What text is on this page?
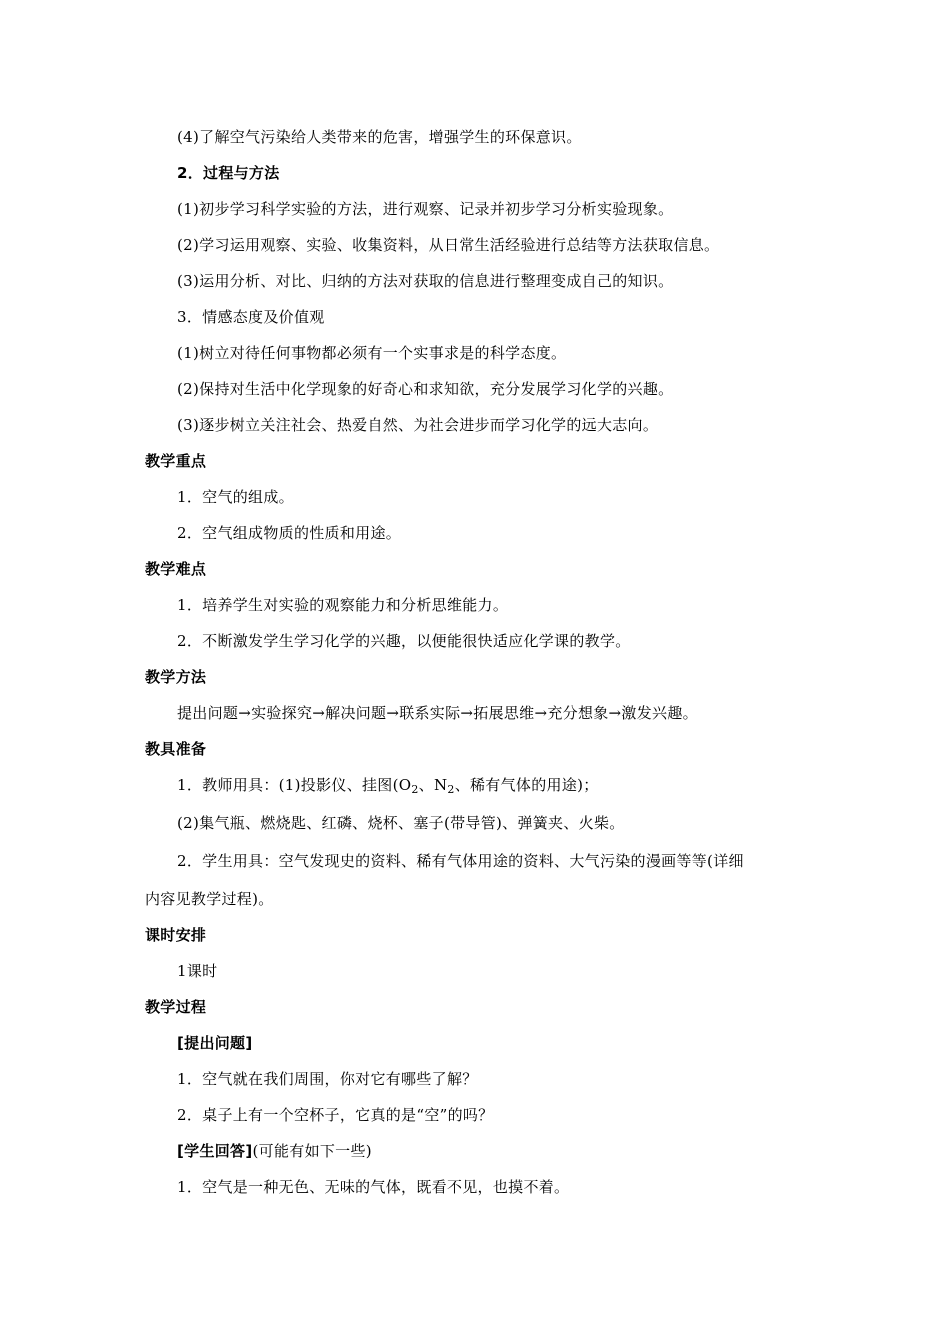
(4)了解空气污染给人类带来的危害，增强学生的环保意识。
2．过程与方法
(1)初步学习科学实验的方法，进行观察、记录并初步学习分析实验现象。
(2)学习运用观察、实验、收集资料，从日常生活经验进行总结等方法获取信息。
(3)运用分析、对比、归纳的方法对获取的信息进行整理变成自己的知识。
3．情感态度及价值观
(1)树立对待任何事物都必须有一个实事求是的科学态度。
(2)保持对生活中化学现象的好奇心和求知欲，充分发展学习化学的兴趣。
(3)逐步树立关注社会、热爱自然、为社会进步而学习化学的远大志向。
教学重点
1．空气的组成。
2．空气组成物质的性质和用途。
教学难点
1．培养学生对实验的观察能力和分析思维能力。
2．不断激发学生学习化学的兴趣，以便能很快适应化学课的教学。
教学方法
提出问题→实验探究→解决问题→联系实际→拓展思维→充分想象→激发兴趣。
教具准备
1．教师用具：(1)投影仪、挂图($O_2$、$N_2$、稀有气体的用途)；
(2)集气瓶、燃烧匙、红磷、烧杯、塞子(带导管)、弹簧夹、火柴。
2．学生用具：空气发现史的资料、稀有气体用途的资料、大气污染的漫画等等(详细
内容见教学过程)。
课时安排
1课时
教学过程
[提出问题]
1．空气就在我们周围，你对它有哪些了解？
2．桌子上有一个空杯子，它真的是“空”的吗？
[学生回答](可能有如下一些)
1．空气是一种无色、无味的气体，既看不见，也摸不着。
